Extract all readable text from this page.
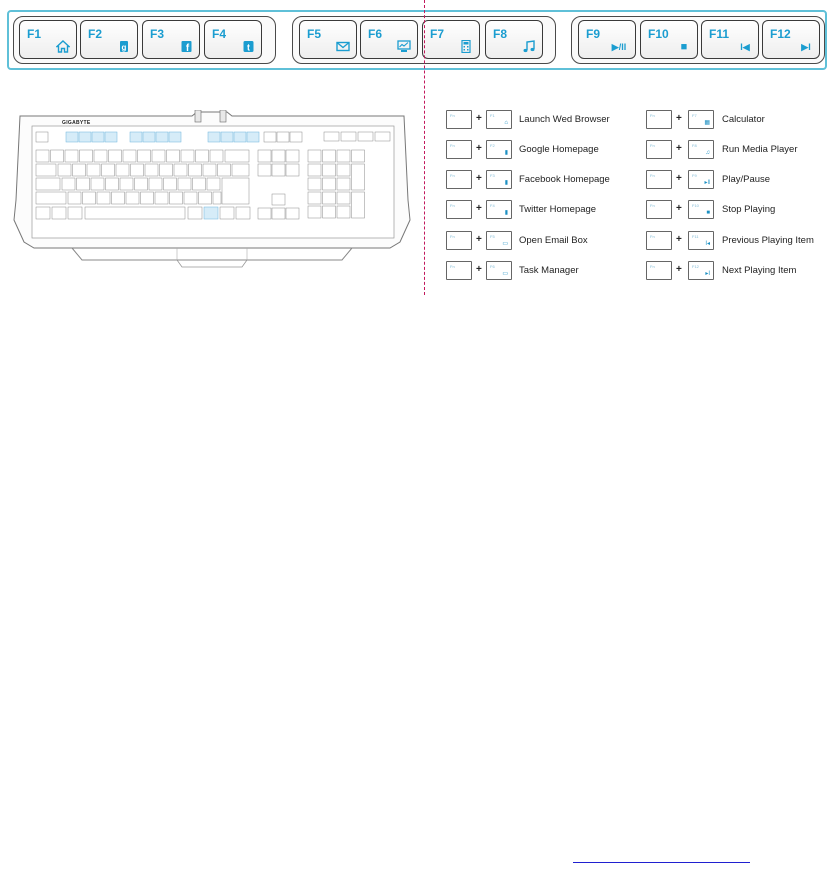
F1	F2
g
F3
f
F4
t
F5	F6	F7	F8	F9
▶/II
F10
■
F11
I◀
F12
▶I
GIGABYTE
Fn + F1
⌂ Launch Wed Browser
Fn + F2
▮ Google Homepage
Fn + F3
▮ Facebook Homepage
Fn + F4
▮ Twitter Homepage
Fn + F5
▭ Open Email Box
Fn + F6
▭ Task Manager
Fn +	F7
▦ Calculator
Fn +	F8
♫ Run Media Player
Fn +	F9
▸ǁ Play/Pause
Fn +	F10
■ Stop Playing
Fn +	F11
I◂ Previous Playing Item
Fn +	F12
▸I Next Playing Item
